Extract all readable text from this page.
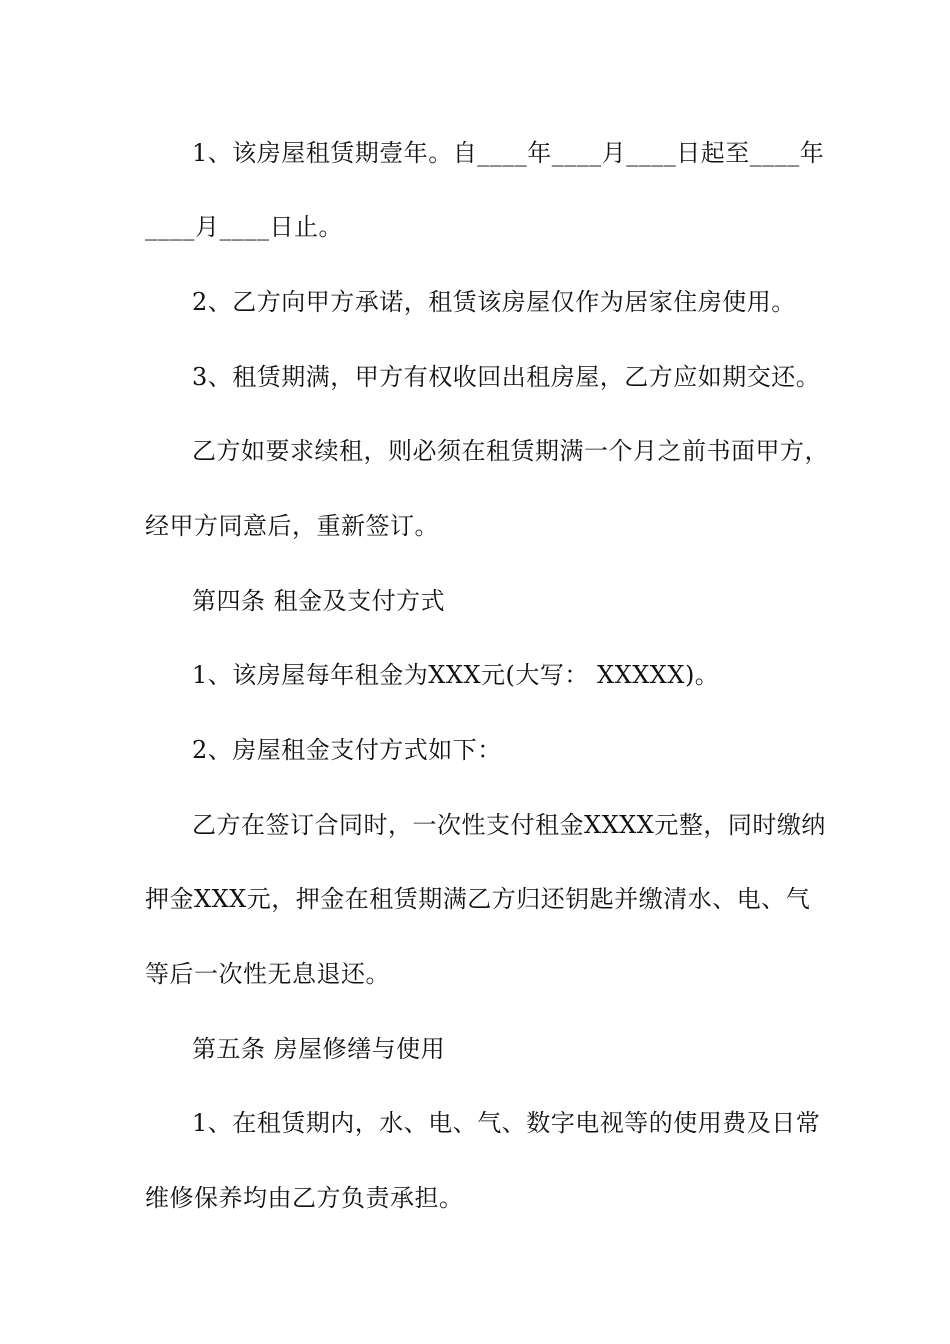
1、该房屋租赁期壹年。自____年____月____日起至____年
____月____日止。
2、乙方向甲方承诺，租赁该房屋仅作为居家住房使用。
3、租赁期满，甲方有权收回出租房屋，乙方应如期交还。
乙方如要求续租，则必须在租赁期满一个月之前书面甲方，
经甲方同意后，重新签订。
第四条 租金及支付方式
1、该房屋每年租金为XXX元(大写： XXXXX)。
2、房屋租金支付方式如下：
乙方在签订合同时，一次性支付租金XXXX元整，同时缴纳
押金XXX元，押金在租赁期满乙方归还钥匙并缴清水、电、气
等后一次性无息退还。
第五条 房屋修缮与使用
1、在租赁期内，水、电、气、数字电视等的使用费及日常
维修保养均由乙方负责承担。
